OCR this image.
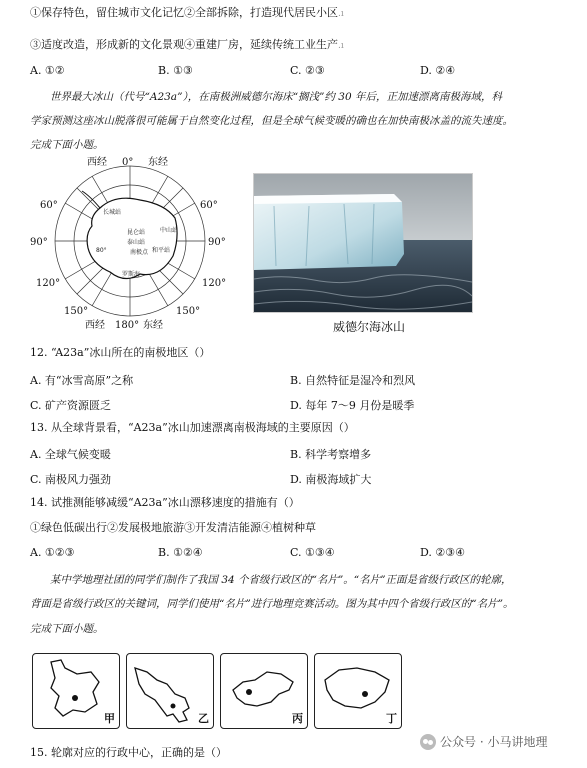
①保存特色，留住城市文化记忆②全部拆除，打造现代居民小区.ı
③适度改造，形成新的文化景观④重建厂房，延续传统工业生产.ı
A. ①②	B. ①③	C. ②③	D. ②④
世界最大冰山（代号“A23a”），在南极洲威德尔海床“搁浅”约 30 年后，正加速漂离南极海域，科
学家预测这座冰山脱落很可能属于自然变化过程，但是全球气候变暖的确也在加快南极冰盖的流失速度。
完成下面小题。
长城站
中山站
昆仑站
泰山站
南极点 和平站
罗斯海
80°
西经 0° 东经
西经 180° 东经
60°
90°
120°
150°
60°
90°
120°
150°
威德尔海冰山
12. “A23a”冰山所在的南极地区（）
A. 有“冰雪高原”之称	B. 自然特征是湿冷和烈风
C. 矿产资源匮乏	D. 每年 7～9 月份是暖季
13. 从全球背景看，“A23a”冰山加速漂离南极海域的主要原因（）
A. 全球气候变暖	B. 科学考察增多
C. 南极风力强劲	D. 南极海域扩大
14. 试推测能够减缓“A23a”冰山漂移速度的措施有（）
①绿色低碳出行②发展极地旅游③开发清洁能源④植树种草
A. ①②③	B. ①②④	C. ①③④	D. ②③④
某中学地理社团的同学们制作了我国 34 个省级行政区的“名片”。“名片”正面是省级行政区的轮廓，
背面是省级行政区的关键词，同学们使用“名片”进行地理竞赛活动。图为其中四个省级行政区的“名片”。
完成下面小题。
甲	乙	丙	丁
15. 轮廓对应的行政中心，正确的是（）
公众号 · 小马讲地理
